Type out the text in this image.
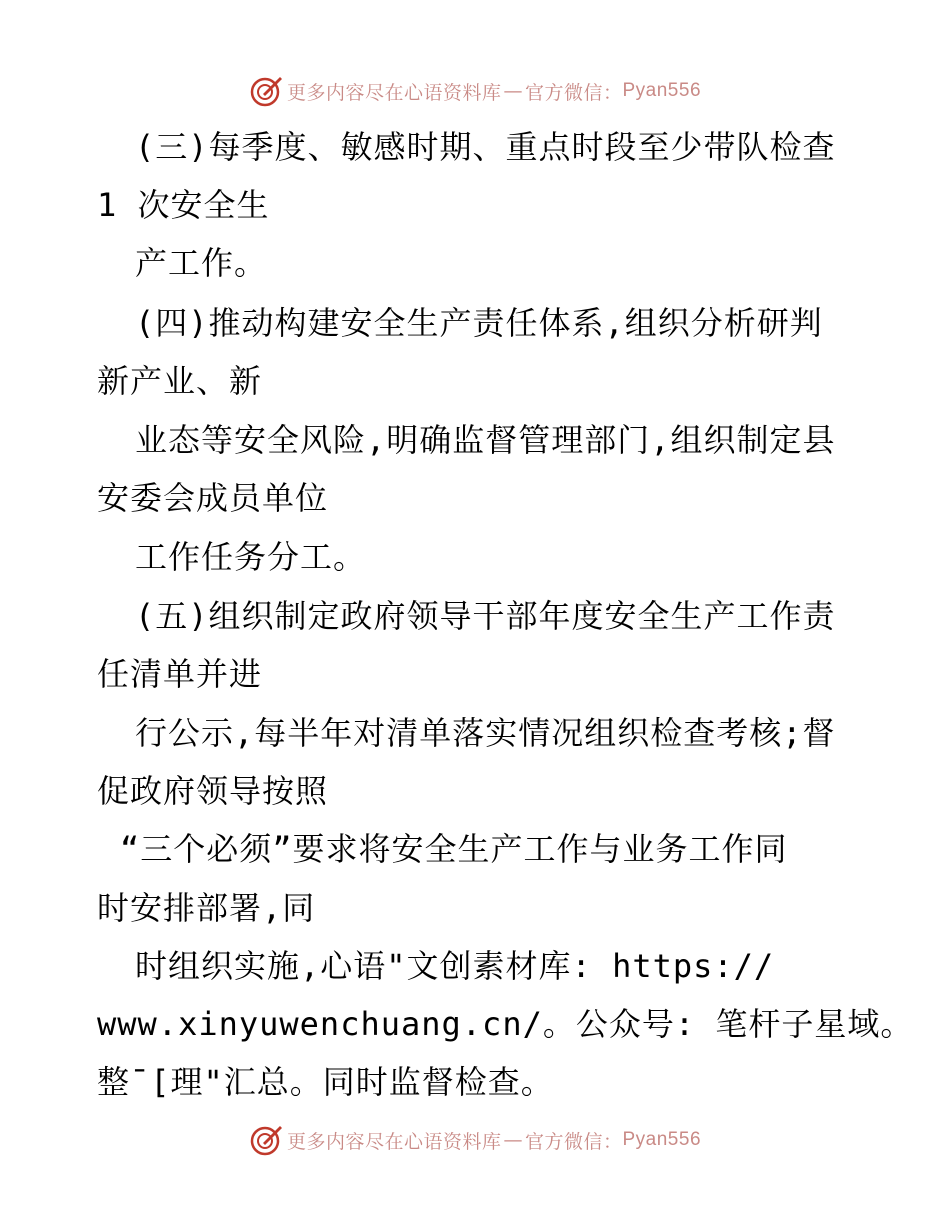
更多内容尽在心语资料库 — 官方微信： Pyan556
(三)每季度、敏感时期、重点时段至少带队检查
1 次安全生
产工作。
(四)推动构建安全生产责任体系,组织分析研判
新产业、新
业态等安全风险,明确监督管理部门,组织制定县
安委会成员单位
工作任务分工。
(五)组织制定政府领导干部年度安全生产工作责
任清单并进
行公示,每半年对清单落实情况组织检查考核;督
促政府领导按照
“三个必须”要求将安全生产工作与业务工作同
时安排部署,同
时组织实施,心语"文创素材库: https://
www.xinyuwenchuang.cn/。公众号: 笔杆子星域。
整¯[理"汇总。同时监督检查。
更多内容尽在心语资料库 — 官方微信： Pyan556
